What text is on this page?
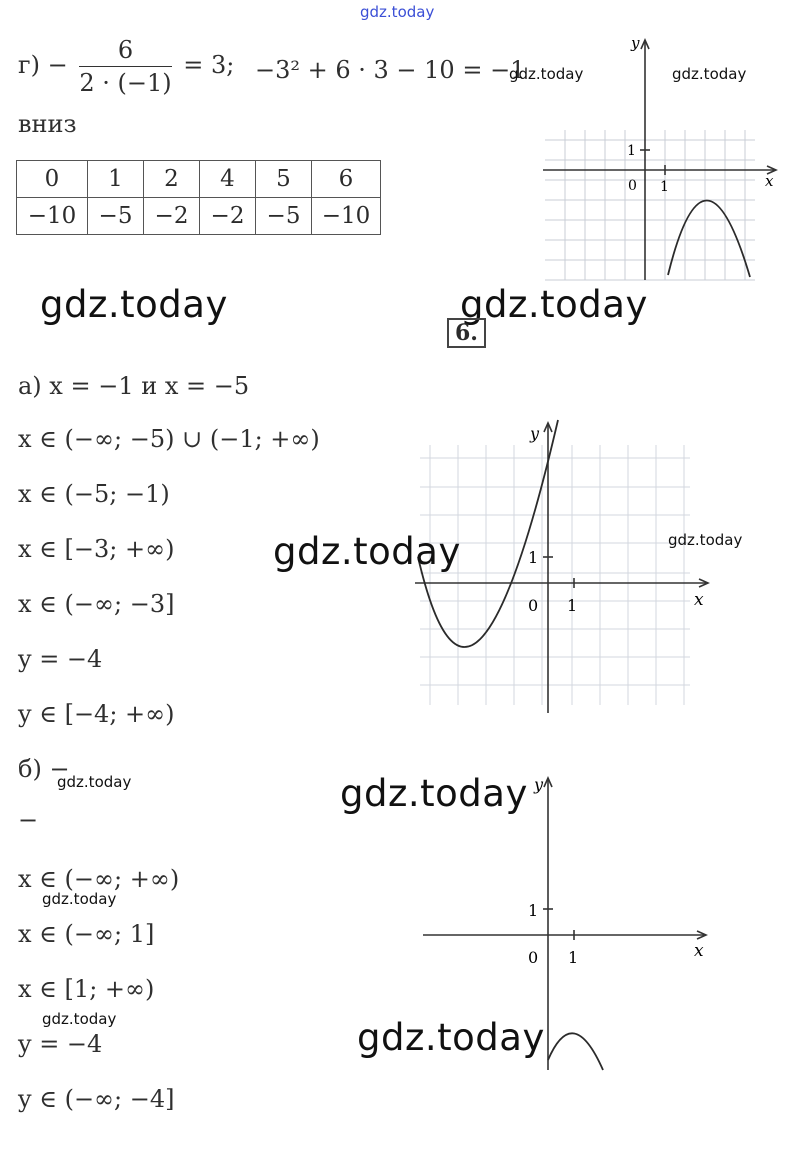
gdz.today
$г) - \frac{6}{2 \cdot (-1)} = 3$; −3² + 6 · 3 − 10 = −1
gdz.today	gdz.today
вниз
0	1	2	4	5	6
−10	−5	−2	−2	−5	−10
y
x
0 1
1
gdz.today	gdz.today
6.
а) x = −1 и x = −5
x ∈ (−∞; −5) ∪ (−1; +∞)
x ∈ (−5; −1)
x ∈ [−3; +∞)
x ∈ (−∞; −3]
y = −4
y ∈ [−4; +∞)
y
x
0 1
1
gdz.today	gdz.today
б) −
gdz.today
−
x ∈ (−∞; +∞)
gdz.today
x ∈ (−∞; 1]
x ∈ [1; +∞)
gdz.today
y = −4
y ∈ (−∞; −4]
gdz.today
gdz.today
y
x
0 1
1
